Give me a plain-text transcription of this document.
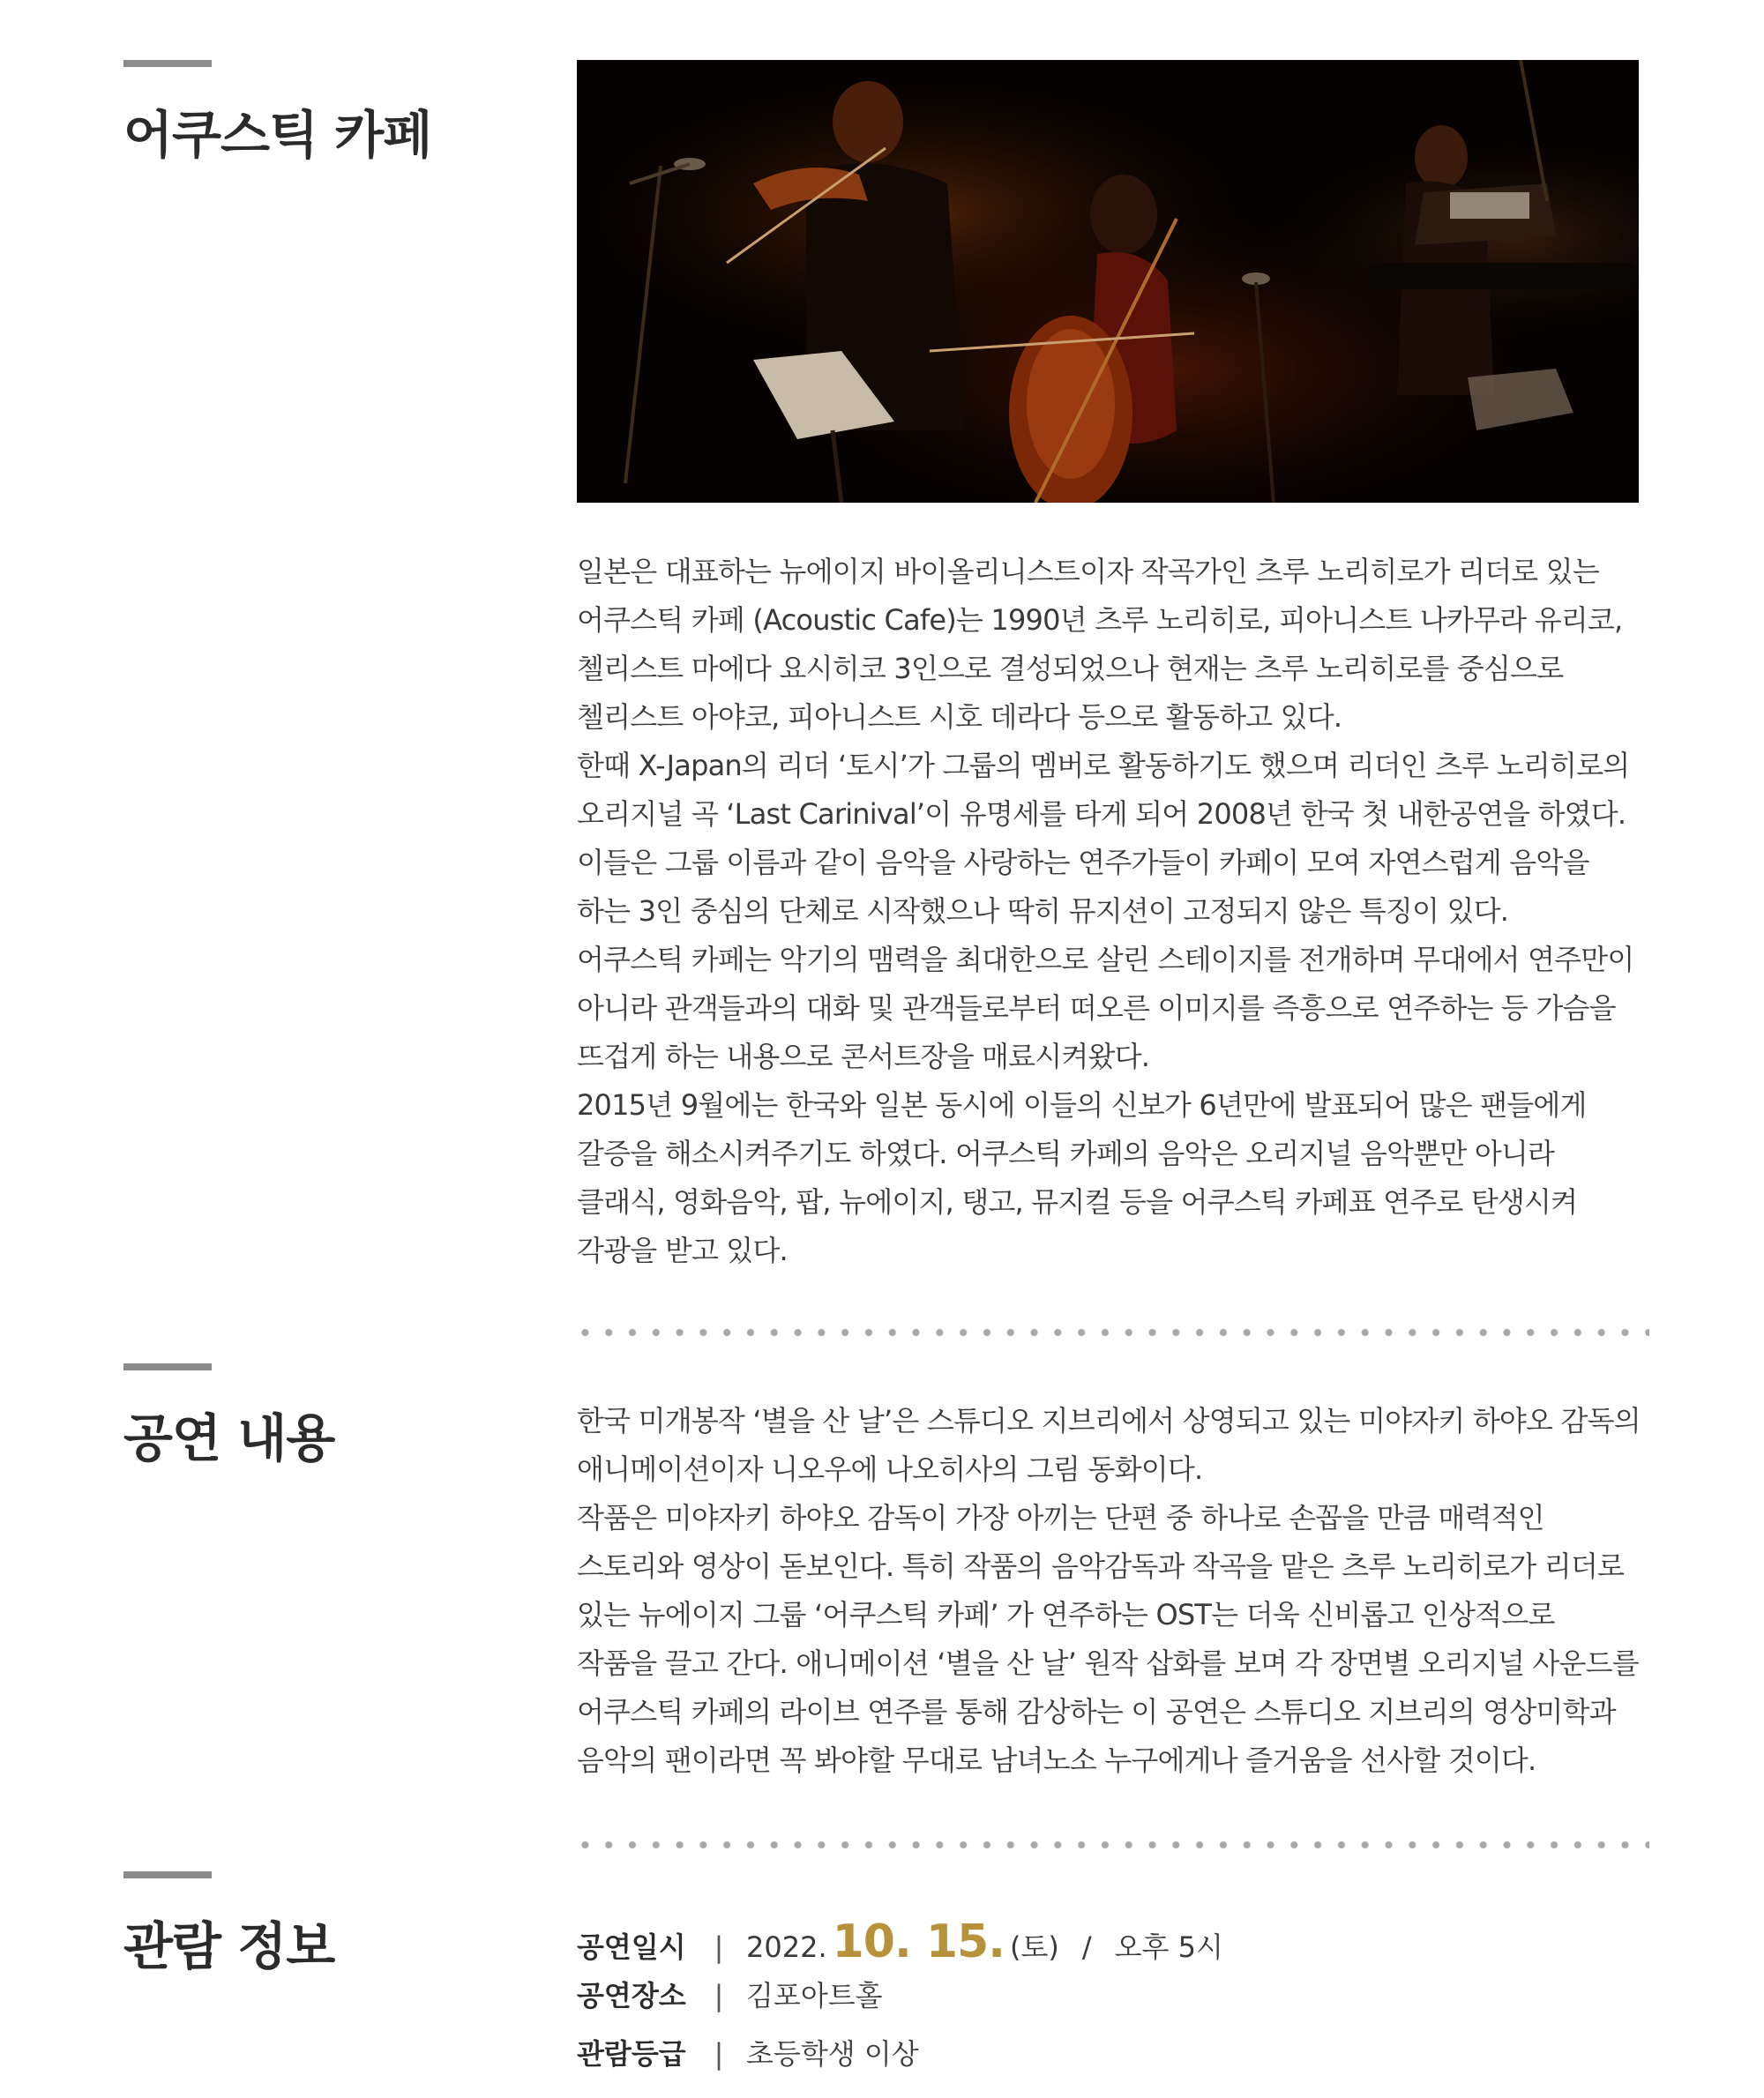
어쿠스틱 카페

일본은 대표하는 뉴에이지 바이올리니스트이자 작곡가인 츠루 노리히로가 리더로 있는 어쿠스틱 카페 (Acoustic Cafe)는 1990년 츠루 노리히로, 피아니스트 나카무라 유리코, 첼리스트 마에다 요시히코 3인으로 결성되었으나 현재는 츠루 노리히로를 중심으로 첼리스트 아야코, 피아니스트 시호 데라다 등으로 활동하고 있다.

한때 X-Japan의 리더 ‘토시’가 그룹의 멤버로 활동하기도 했으며 리더인 츠루 노리히로의 오리지널 곡 ‘Last Carinival’이 유명세를 타게 되어 2008년 한국 첫 내한공연을 하였다. 이들은 그룹 이름과 같이 음악을 사랑하는 연주가들이 카페이 모여 자연스럽게 음악을 하는 3인 중심의 단체로 시작했으나 딱히 뮤지션이 고정되지 않은 특징이 있다.

어쿠스틱 카페는 악기의 맴력을 최대한으로 살린 스테이지를 전개하며 무대에서 연주만이 아니라 관객들과의 대화 및 관객들로부터 떠오른 이미지를 즉흥으로 연주하는 등 가슴을 뜨겁게 하는 내용으로 콘서트장을 매료시켜왔다.

2015년 9월에는 한국와 일본 동시에 이들의 신보가 6년만에 발표되어 많은 팬들에게 갈증을 해소시켜주기도 하였다. 어쿠스틱 카페의 음악은 오리지널 음악뿐만 아니라 클래식, 영화음악, 팝, 뉴에이지, 탱고, 뮤지컬 등을 어쿠스틱 카페표 연주로 탄생시켜 각광을 받고 있다.

공연 내용	한국 미개봉작 ‘별을 산 날’은 스튜디오 지브리에서 상영되고 있는 미야자키 하야오 감독의 애니메이션이자 니오우에 나오히사의 그림 동화이다.

작품은 미야자키 하야오 감독이 가장 아끼는 단편 중 하나로 손꼽을 만큼 매력적인 스토리와 영상이 돋보인다. 특히 작품의 음악감독과 작곡을 맡은 츠루 노리히로가 리더로 있는 뉴에이지 그룹 ‘어쿠스틱 카페’ 가 연주하는 OST는 더욱 신비롭고 인상적으로 작품을 끌고 간다. 애니메이션 ‘별을 산 날’ 원작 삽화를 보며 각 장면별 오리지널 사운드를 어쿠스틱 카페의 라이브 연주를 통해 감상하는 이 공연은 스튜디오 지브리의 영상미학과 음악의 팬이라면 꼭 봐야할 무대로 남녀노소 누구에게나 즐거움을 선사할 것이다.

관람 정보	공연일시 | 2022. 10. 15. (토) / 오후 5시
공연장소 | 김포아트홀
관람등급 | 초등학생 이상
